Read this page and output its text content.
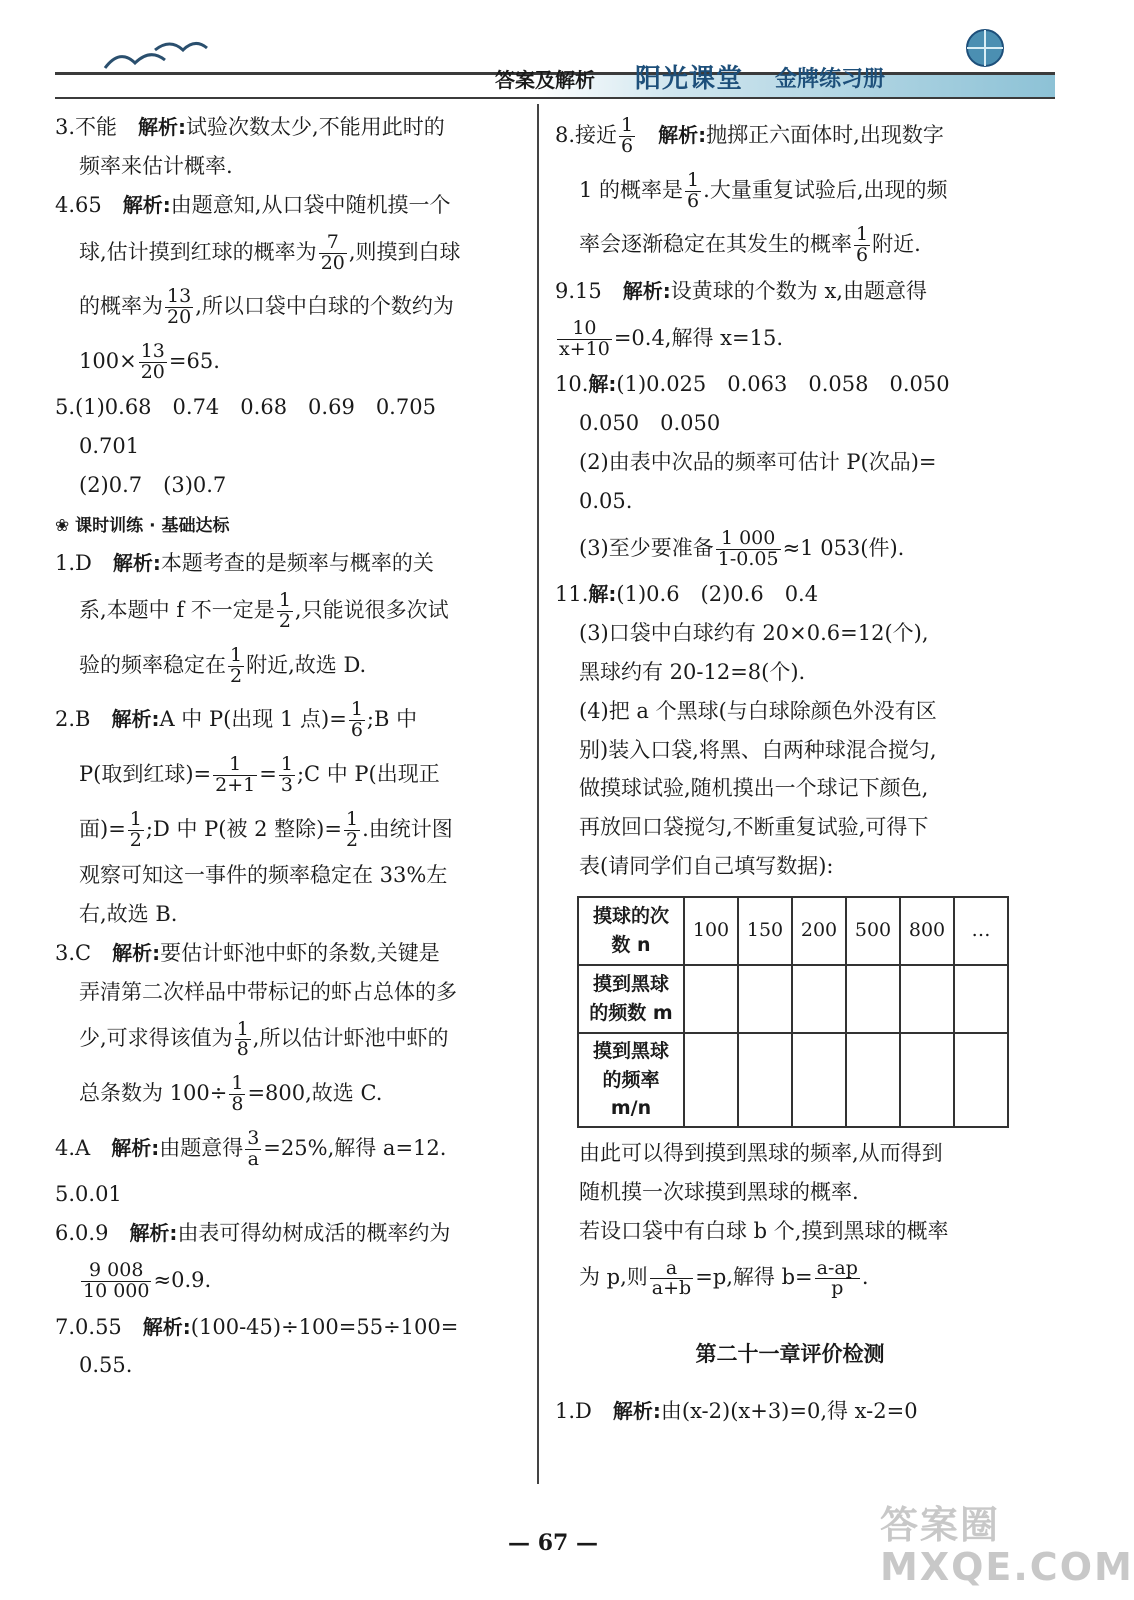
答案及解析 阳光课堂 金牌练习册
3.不能　 解析:试验次数太少,不能用此时的
频率来估计概率.
4.65　 解析:由题意知,从口袋中随机摸一个
球,估计摸到红球的概率为 $\frac{7}{20}$ ,则摸到白球
的概率为 $\frac{13}{20}$ ,所以口袋中白球的个数约为
$100\times \frac{13}{20} =65$.
5.(1)0.68　0.74　0.68　0.69　0.705
0.701
(2)0.7　(3)0.7
❀ 课时训练 · 基础达标
1.D　 解析:本题考查的是频率与概率的关
系,本题中 f 不一定是 $\frac{1}{2}$ ,只能说很多次试
验的频率稳定在 $\frac{1}{2}$ 附近,故选 D.
2.B　 解析:A 中 P(出现 1 点)= $\frac{1}{6}$ ;B 中
P(取到红球)= $\frac{1}{2+1} = \frac{1}{3}$ ;C 中 P(出现正
面)= $\frac{1}{2}$ ;D 中 P(被 2 整除)= $\frac{1}{2}$ .由统计图
观察可知这一事件的频率稳定在 33%左
右,故选 B.
3.C　 解析:要估计虾池中虾的条数,关键是
弄清第二次样品中带标记的虾占总体的多
少,可求得该值为 $\frac{1}{8}$ ,所以估计虾池中虾的
总条数为 $100\div \frac{1}{8} =800$,故选 C.
4.A　 解析:由题意得 $\frac{3}{a} =25\%$,解得 a=12.
5.0.01
6.0.9　 解析:由表可得幼树成活的概率约为
$\frac{9 008}{10 000} \approx 0.9$.
7.0.55　 解析:(100-45)÷100=55÷100=
0.55.
8.接近 $\frac{1}{6}$
　 解析:抛掷正六面体时,出现数字
1 的概率是 $\frac{1}{6}$ .大量重复试验后,出现的频
率会逐渐稳定在其发生的概率 $\frac{1}{6}$ 附近.
9.15　 解析:设黄球的个数为 x,由题意得
$\frac{10}{x+10} =0.4$,解得 x=15.
10.解:(1)0.025　0.063　0.058　0.050
0.050　0.050
(2)由表中次品的频率可估计 P(次品)=
0.05.
(3)至少要准备 $\frac{1 000}{1-0.05} \approx 1$ 053(件).
11.解:(1)0.6　(2)0.6　0.4
(3)口袋中白球约有 20×0.6=12(个),
黑球约有 20-12=8(个).
(4)把 a 个黑球(与白球除颜色外没有区
别)装入口袋,将黑、白两种球混合搅匀,
做摸球试验,随机摸出一个球记下颜色,
再放回口袋搅匀,不断重复试验,可得下
表(请同学们自己填写数据):
摸球的次数 n	100	150	200	500	800	…
摸到黑球的频数 m						
摸到黑球的频率 m/n						
由此可以得到摸到黑球的频率,从而得到
随机摸一次球摸到黑球的概率.
若设口袋中有白球 b 个,摸到黑球的概率
为 p,则 $\frac{a}{a+b} =p$,解得 $b= \frac{a-ap}{p}$ .
第二十一章评价检测
1.D　 解析:由(x-2)(x+3)=0,得 x-2=0
— 67 —	答案圈 MXQE.COM
